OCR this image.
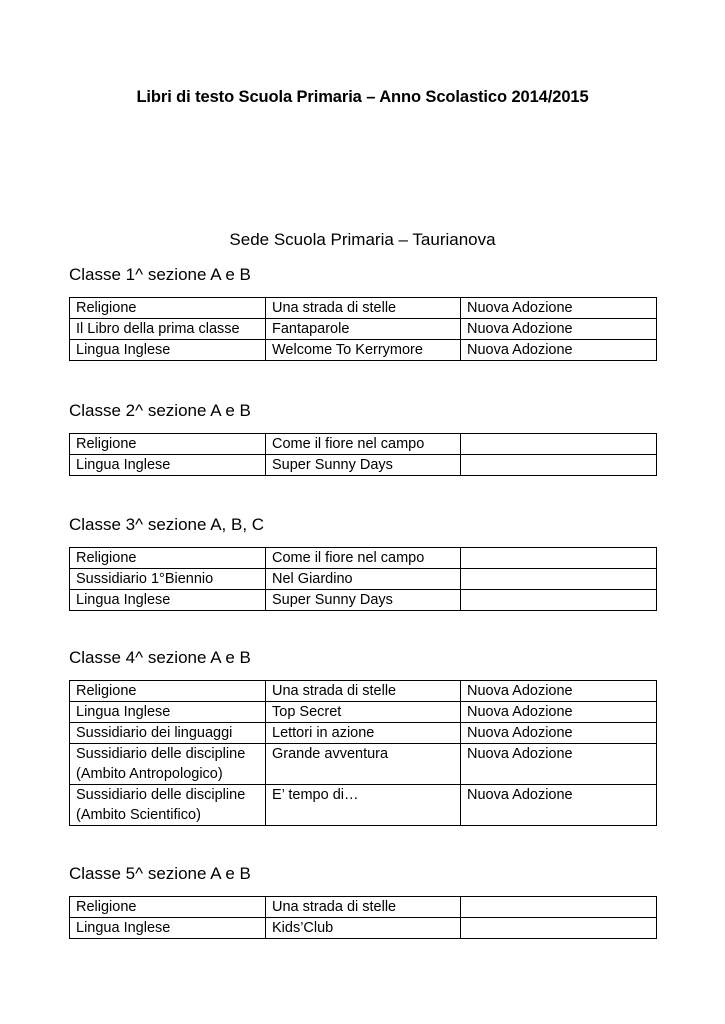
Libri di testo Scuola Primaria – Anno Scolastico 2014/2015
Sede Scuola Primaria – Taurianova

Classe 1^ sezione A e B

Religione	Una strada di stelle	Nuova Adozione
Il Libro della prima classe	Fantaparole	Nuova Adozione
Lingua Inglese	Welcome To Kerrymore	Nuova Adozione

Classe 2^ sezione A e B

Religione	Come il fiore nel campo	
Lingua Inglese	Super Sunny Days	

Classe 3^ sezione A, B, C

Religione	Come il fiore nel campo	
Sussidiario 1°Biennio	Nel Giardino	
Lingua Inglese	Super Sunny Days	

Classe 4^ sezione A e B

Religione	Una strada di stelle	Nuova Adozione
Lingua Inglese	Top Secret	Nuova Adozione
Sussidiario dei linguaggi	Lettori in azione	Nuova Adozione
Sussidiario delle discipline
(Ambito Antropologico)	Grande avventura	Nuova Adozione
Sussidiario delle discipline
(Ambito Scientifico)	E’ tempo di…	Nuova Adozione

Classe 5^ sezione A e B

Religione	Una strada di stelle	
Lingua Inglese	Kids’Club	
